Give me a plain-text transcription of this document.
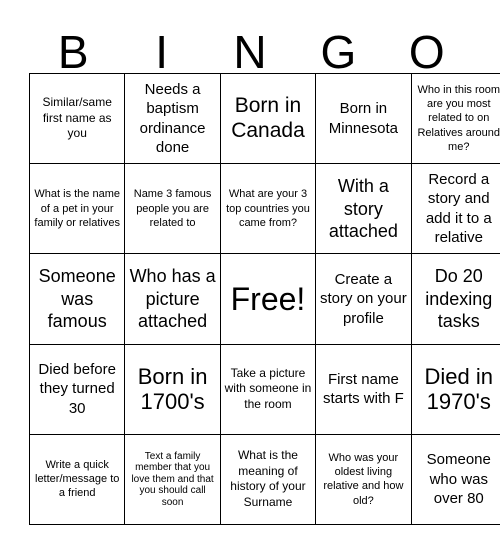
B	I	N	G	O
Similar/same first name as you	Needs a baptism ordinance done	Born in Canada	Born in Minnesota	Who in this room are you most related to on Relatives around me?
What is the name of a pet in your family or relatives	Name 3 famous people you are related to	What are your 3 top countries you came from?	With a story attached	Record a story and add it to a relative
Someone was famous	Who has a picture attached	Free!	Create a story on your profile	Do 20 indexing tasks
Died before they turned 30	Born in 1700's	Take a picture with someone in the room	First name starts with F	Died in 1970's
Write a quick letter/message to a friend	Text a family member that you love them and that you should call soon	What is the meaning of history of your Surname	Who was your oldest living relative and how old?	Someone who was over 80
